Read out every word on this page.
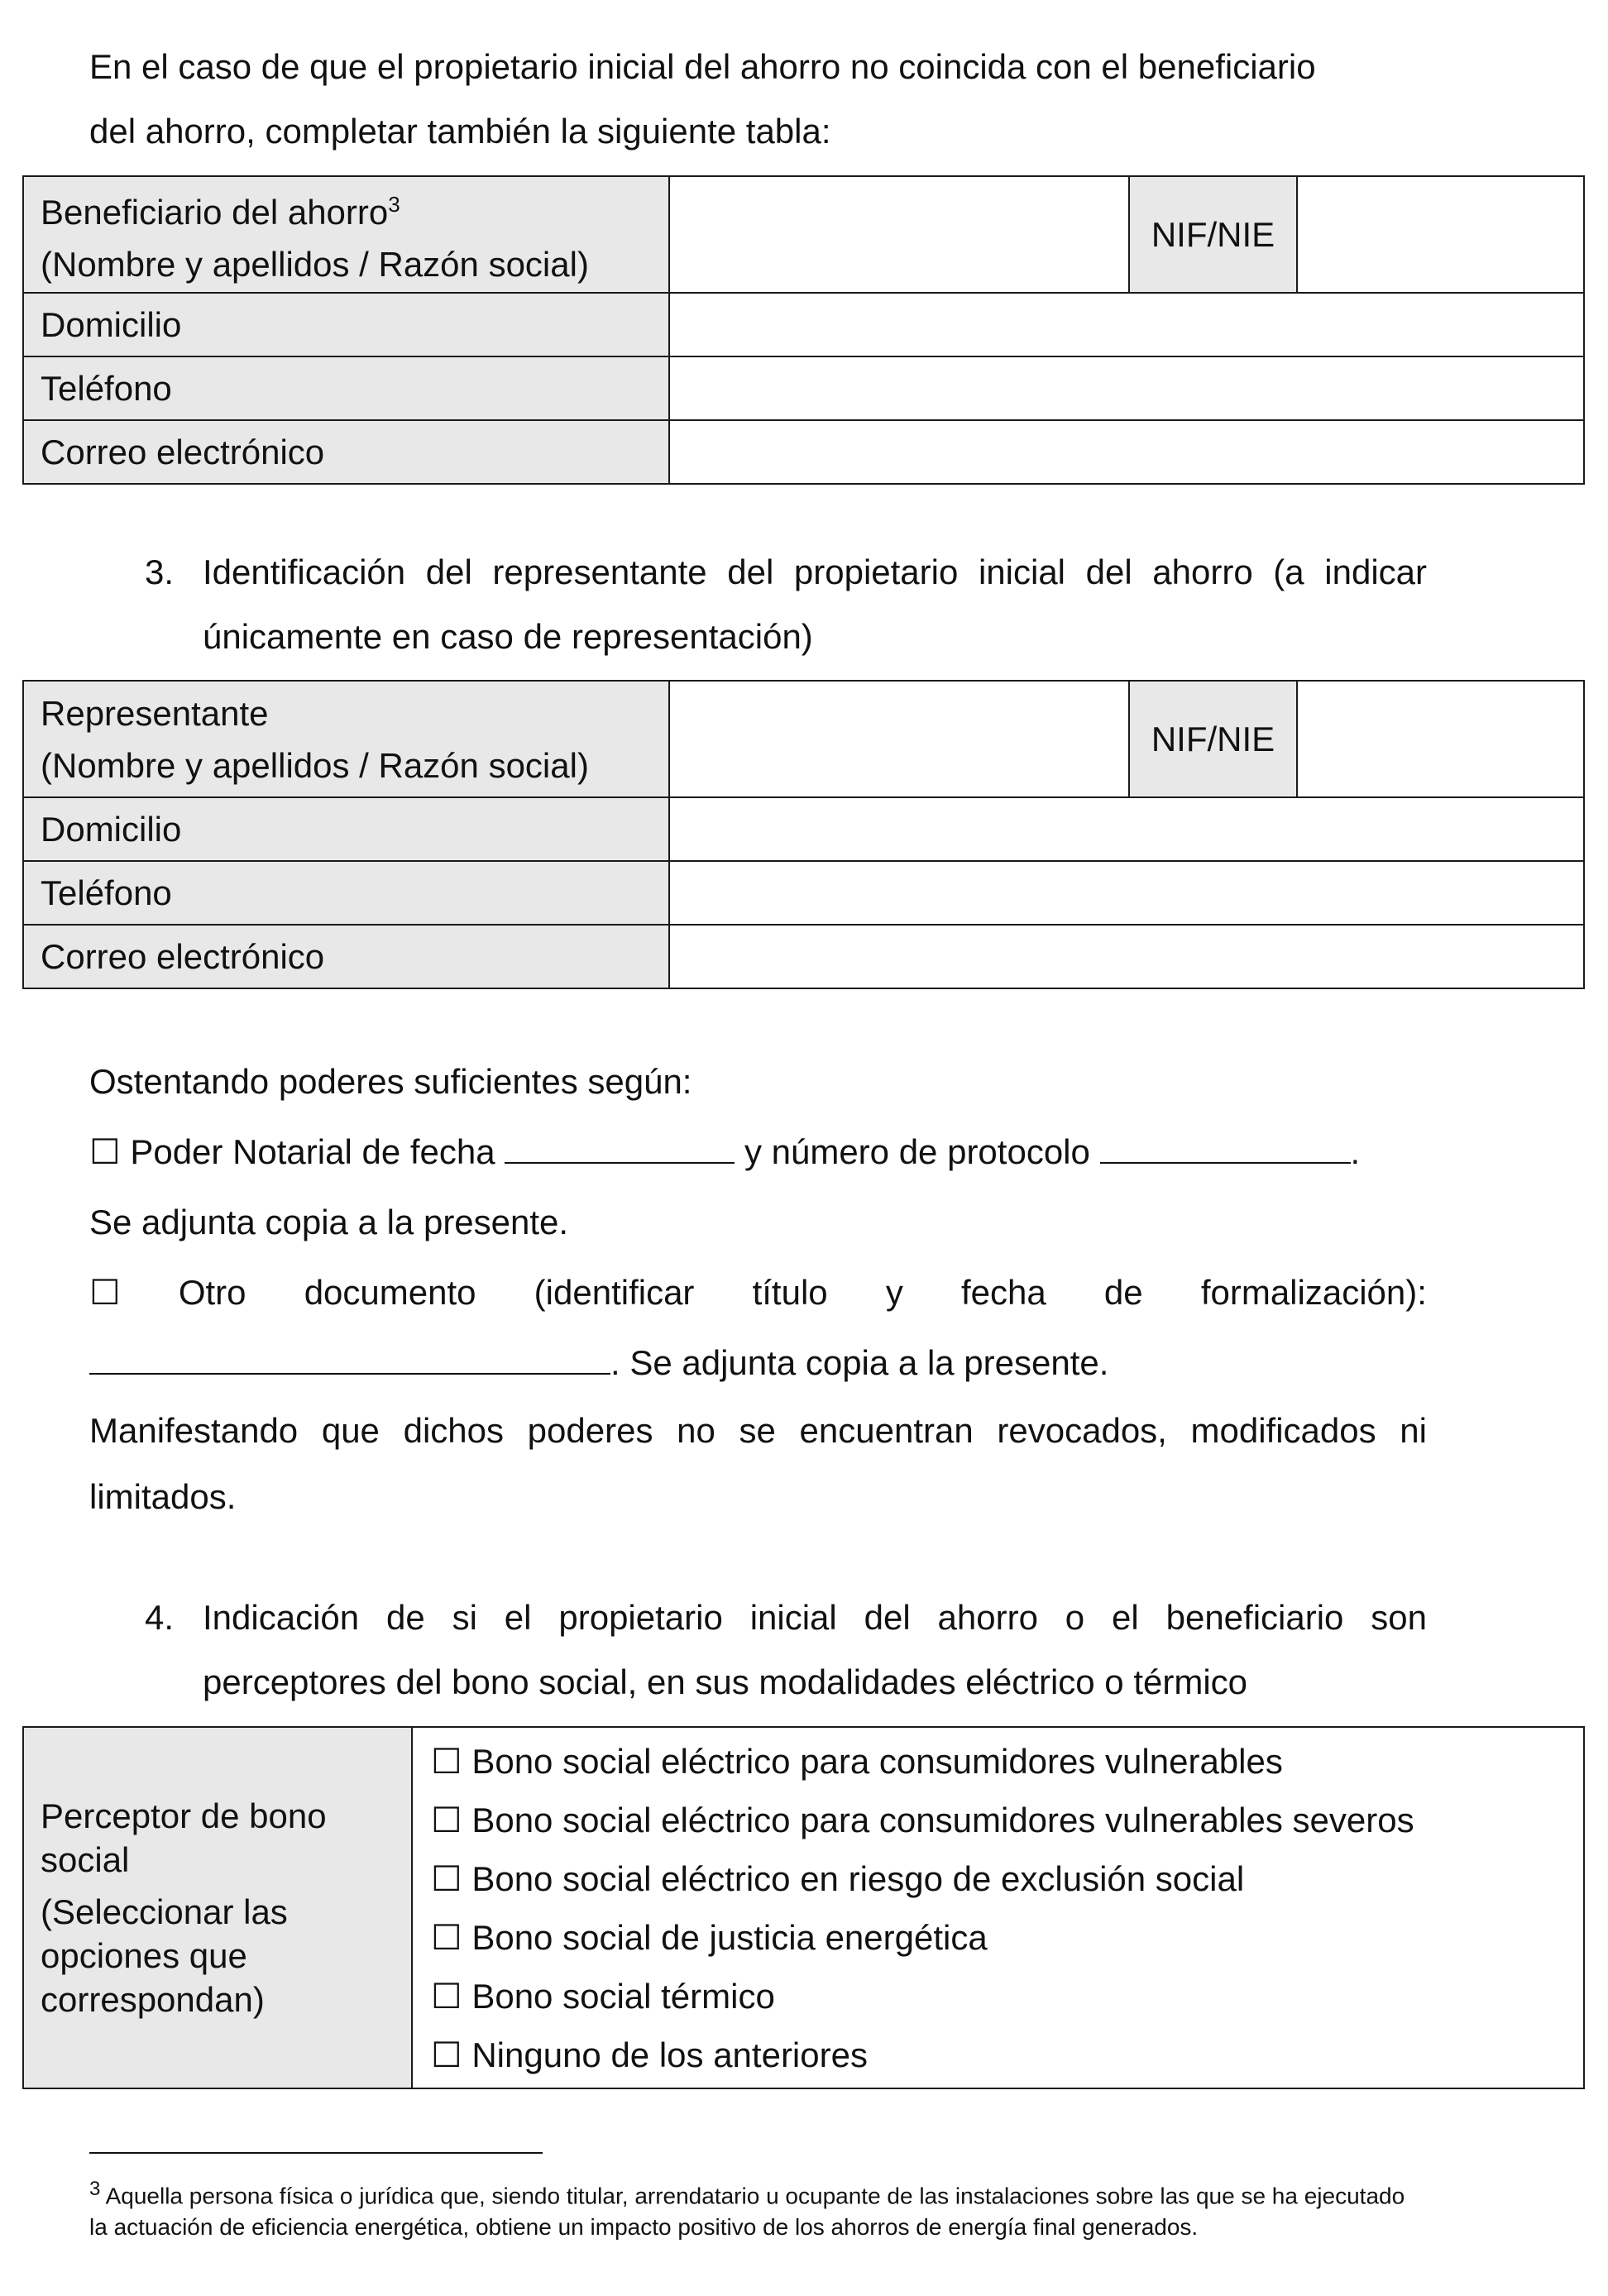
En el caso de que el propietario inicial del ahorro no coincida con el beneficiario
del ahorro, completar también la siguiente tabla:
Beneficiario del ahorro$^3$
(Nombre y apellidos / Razón social)		NIF/NIE	
Domicilio			
Teléfono			
Correo electrónico			
3. Identificación del representante del propietario inicial del ahorro (a indicar
únicamente en caso de representación)
Representante
(Nombre y apellidos / Razón social)		NIF/NIE	
Domicilio			
Teléfono			
Correo electrónico			
Ostentando poderes suficientes según:
☐ Poder Notarial de fecha	y número de protocolo	.
Se adjunta copia a la presente.
☐ Otro documento (identificar título y fecha de formalización):
. Se adjunta copia a la presente.
Manifestando que dichos poderes no se encuentran revocados, modificados ni
limitados.
4. Indicación de si el propietario inicial del ahorro o el beneficiario son
perceptores del bono social, en sus modalidades eléctrico o térmico
Perceptor de bono
social
(Seleccionar las
opciones que
correspondan)

☐ Bono social eléctrico para consumidores vulnerables
☐ Bono social eléctrico para consumidores vulnerables severos
☐ Bono social eléctrico en riesgo de exclusión social
☐ Bono social de justicia energética
☐ Bono social térmico
☐ Ninguno de los anteriores
$^3$ Aquella persona física o jurídica que, siendo titular, arrendatario u ocupante de las instalaciones sobre las que se ha ejecutado la actuación de eficiencia energética, obtiene un impacto positivo de los ahorros de energía final generados.
